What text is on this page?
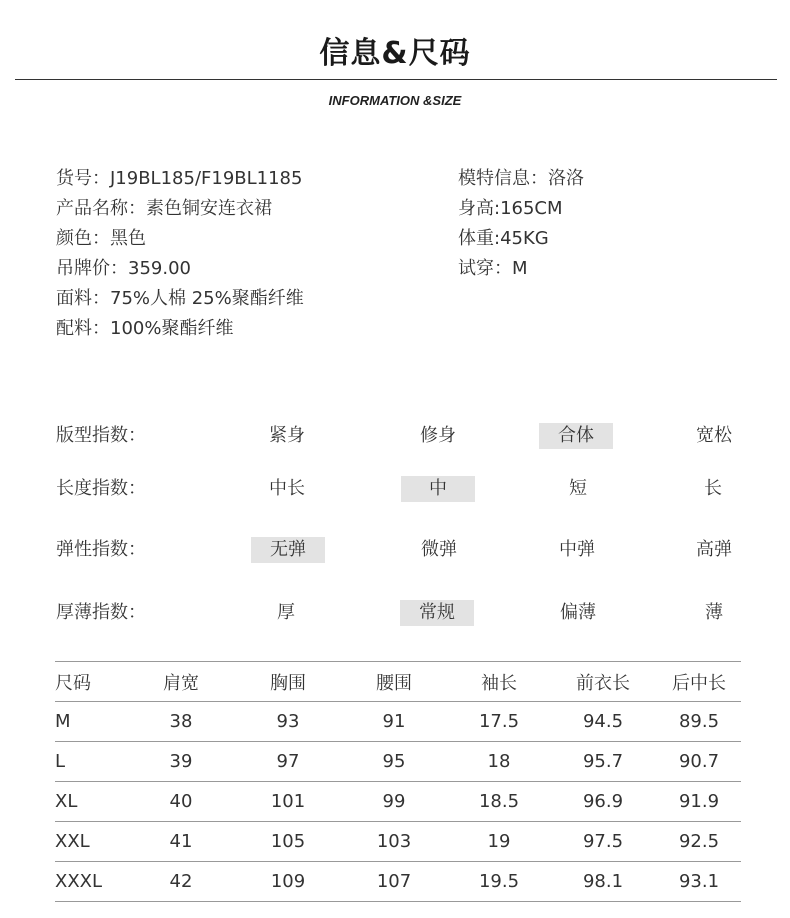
信息&尺码
INFORMATION &SIZE
货号：J19BL185/F19BL1185
产品名称：素色铜安连衣裙
颜色：黑色
吊牌价：359.00
面料：75%人棉 25%聚酯纤维
配料：100%聚酯纤维
模特信息：洛洛
身高:165CM
体重:45KG
试穿：M
版型指数：	紧身	修身	合体	宽松
长度指数：	中长	中	短	长
弹性指数：	无弹	微弹	中弹	高弹
厚薄指数：	厚	常规	偏薄	薄
尺码	肩宽	胸围	腰围	袖长	前衣长	后中长
M	38	93	91	17.5	94.5	89.5
L	39	97	95	18	95.7	90.7
XL	40	101	99	18.5	96.9	91.9
XXL	41	105	103	19	97.5	92.5
XXXL	42	109	107	19.5	98.1	93.1
